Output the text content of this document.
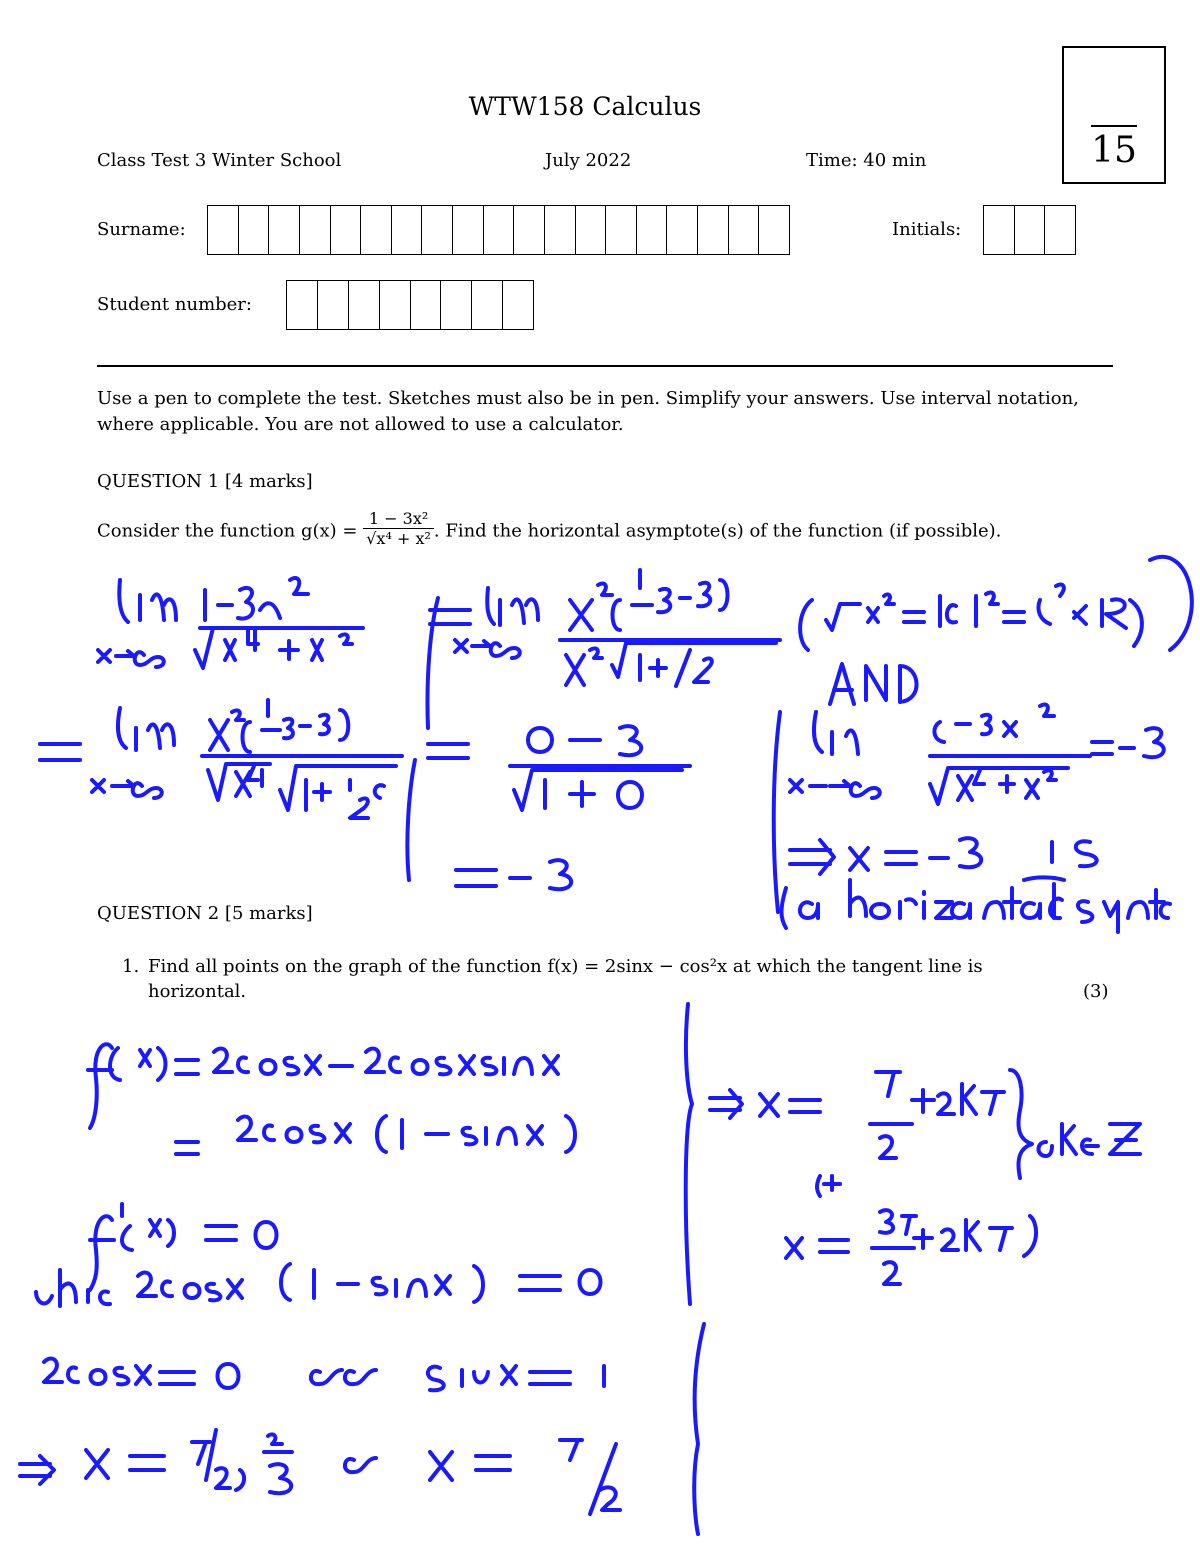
WTW158 Calculus
Class Test 3 Winter School	July 2022	Time: 40 min	15
Surname:	Initials:
Student number:
Use a pen to complete the test. Sketches must also be in pen. Simplify your answers. Use interval notation, where applicable. You are not allowed to use a calculator.
QUESTION 1 [4 marks]
Consider the function $g(x) = \frac{\text{1 − 3x²}}{\text{√x⁴ + x²}}$ . Find the horizontal asymptote(s) of the function (if possible).
QUESTION 2 [5 marks]
1. Find all points on the graph of the function f(x) = 2sinx − cos²x at which the tangent line is
horizontal.	(3)
